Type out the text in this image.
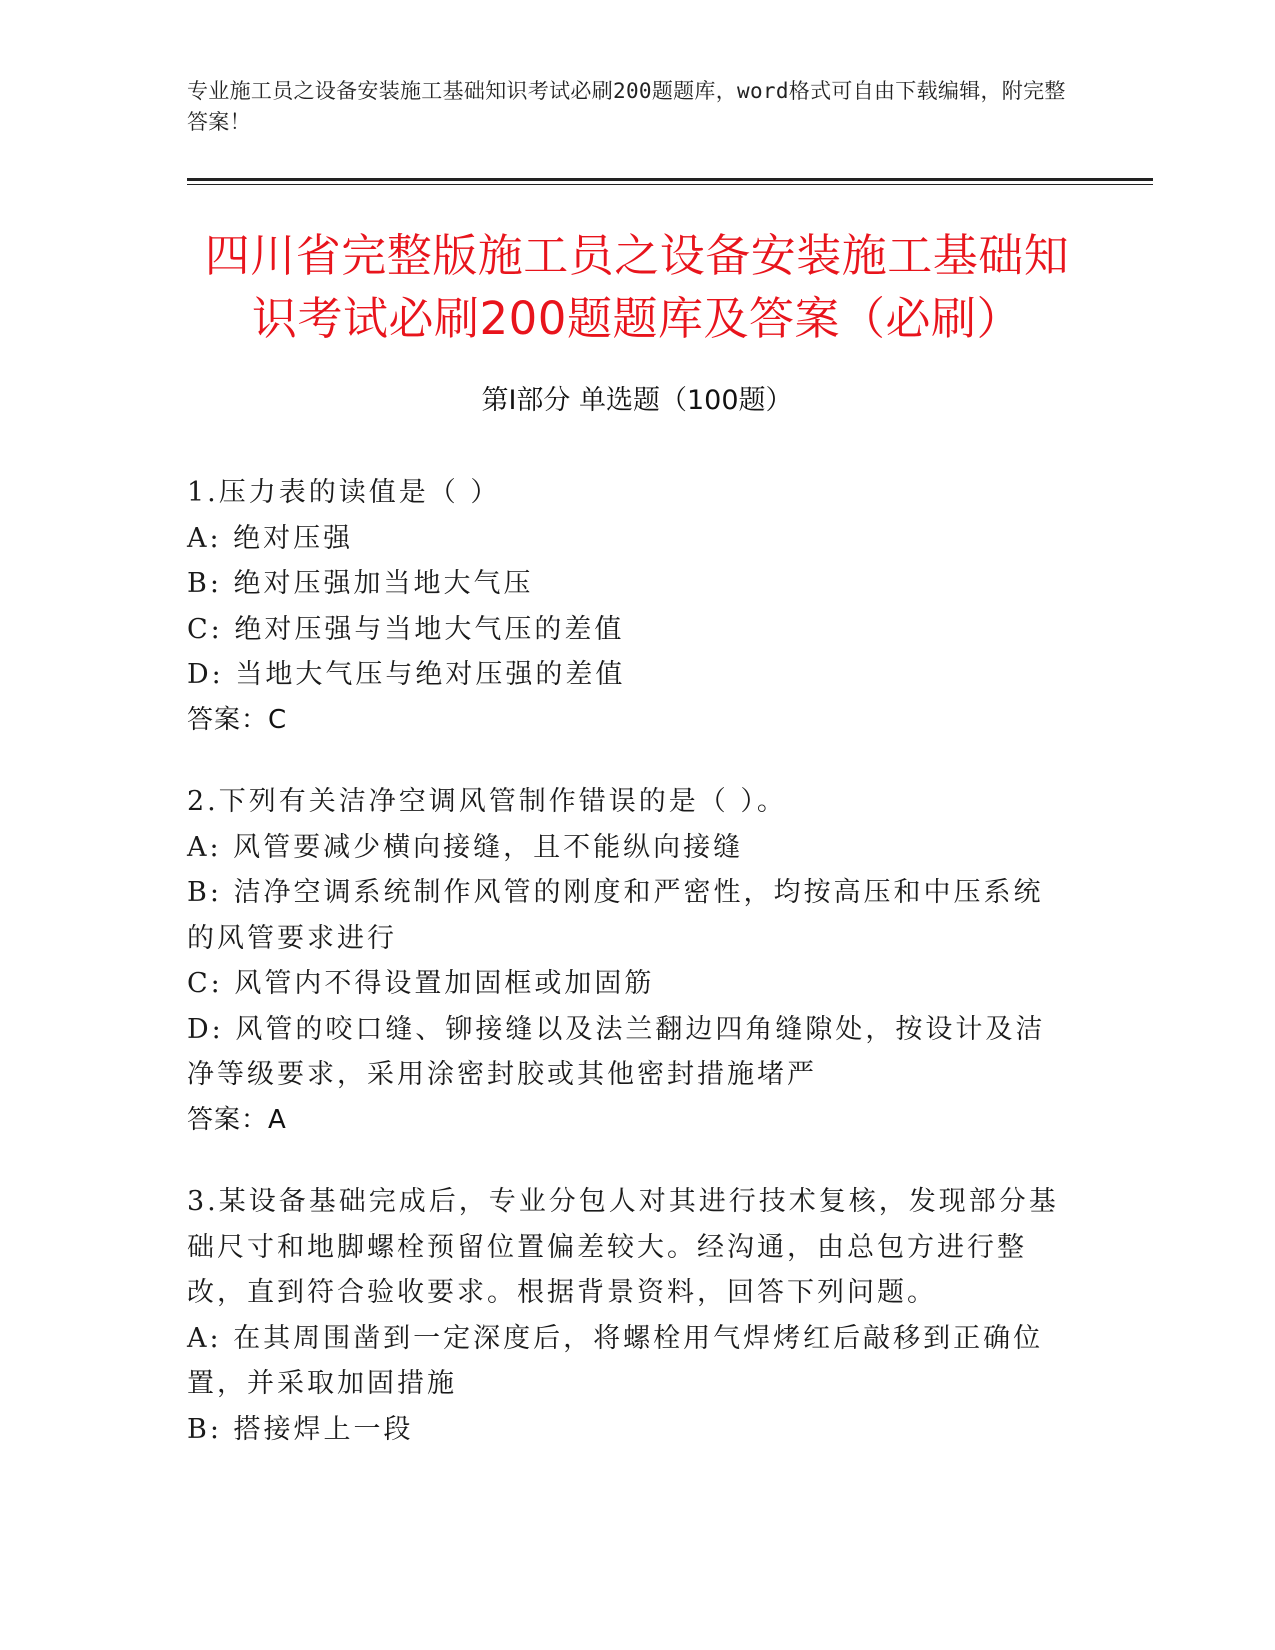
专业施工员之设备安装施工基础知识考试必刷200题题库，word格式可自由下载编辑，附完整答案！
四川省完整版施工员之设备安装施工基础知识考试必刷200题题库及答案（必刷）
第Ⅰ部分 单选题（100题）
1.压力表的读值是（ ）
A: 绝对压强
B: 绝对压强加当地大气压
C: 绝对压强与当地大气压的差值
D: 当地大气压与绝对压强的差值
答案：C
2.下列有关洁净空调风管制作错误的是（ ）。
A: 风管要减少横向接缝，且不能纵向接缝
B: 洁净空调系统制作风管的刚度和严密性，均按高压和中压系统的风管要求进行
C: 风管内不得设置加固框或加固筋
D: 风管的咬口缝、铆接缝以及法兰翻边四角缝隙处，按设计及洁净等级要求，采用涂密封胶或其他密封措施堵严
答案：A
3.某设备基础完成后，专业分包人对其进行技术复核，发现部分基础尺寸和地脚螺栓预留位置偏差较大。经沟通，由总包方进行整改，直到符合验收要求。根据背景资料，回答下列问题。
A: 在其周围凿到一定深度后，将螺栓用气焊烤红后敲移到正确位置，并采取加固措施
B: 搭接焊上一段
